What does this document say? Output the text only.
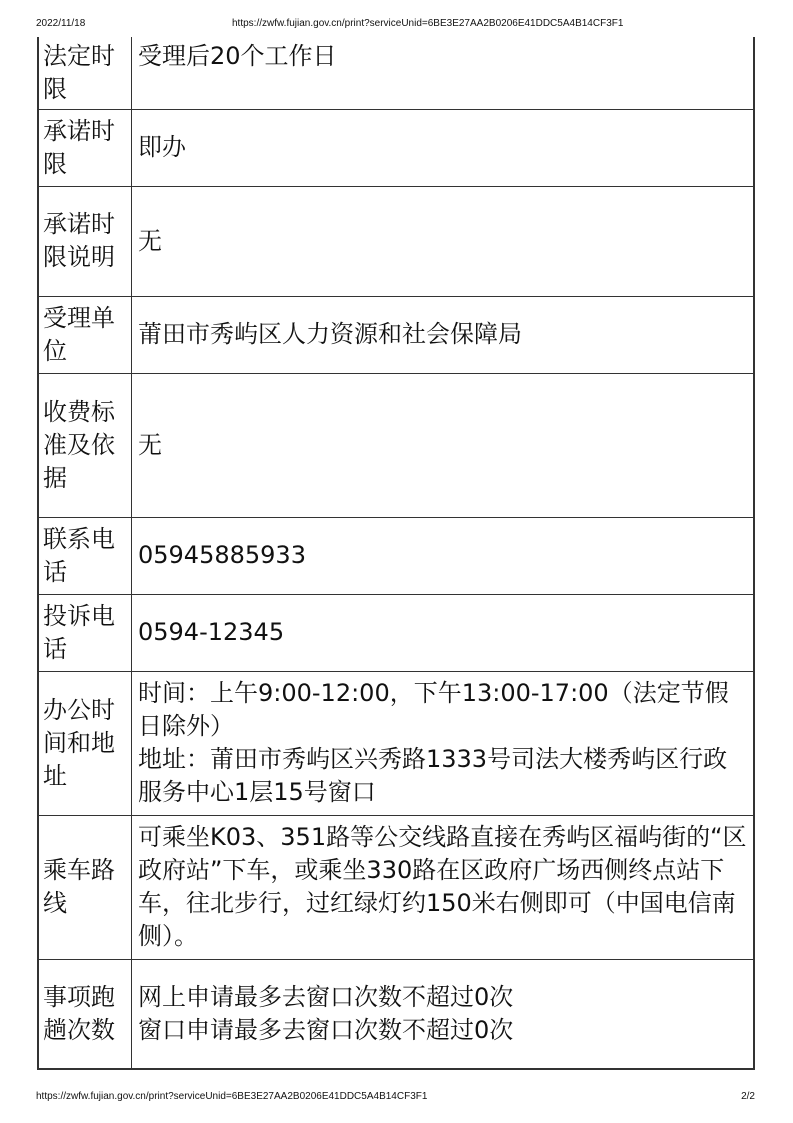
2022/11/18	https://zwfw.fujian.gov.cn/print?serviceUnid=6BE3E27AA2B0206E41DDC5A4B14CF3F1
法定时限	受理后20个工作日

承诺时限	即办

承诺时限说明	无

受理单位	莆田市秀屿区人力资源和社会保障局

收费标准及依据	无

联系电话	05945885933

投诉电话	0594-12345

办公时间和地址	时间：上午9:00-12:00，下午13:00-17:00（法定节假日除外）
地址：莆田市秀屿区兴秀路1333号司法大楼秀屿区行政服务中心1层15号窗口

乘车路线	可乘坐K03、351路等公交线路直接在秀屿区福屿街的“区政府站”下车，或乘坐330路在区政府广场西侧终点站下车，往北步行，过红绿灯约150米右侧即可（中国电信南侧）。

事项跑趟次数	网上申请最多去窗口次数不超过0次
窗口申请最多去窗口次数不超过0次
https://zwfw.fujian.gov.cn/print?serviceUnid=6BE3E27AA2B0206E41DDC5A4B14CF3F1	2/2
